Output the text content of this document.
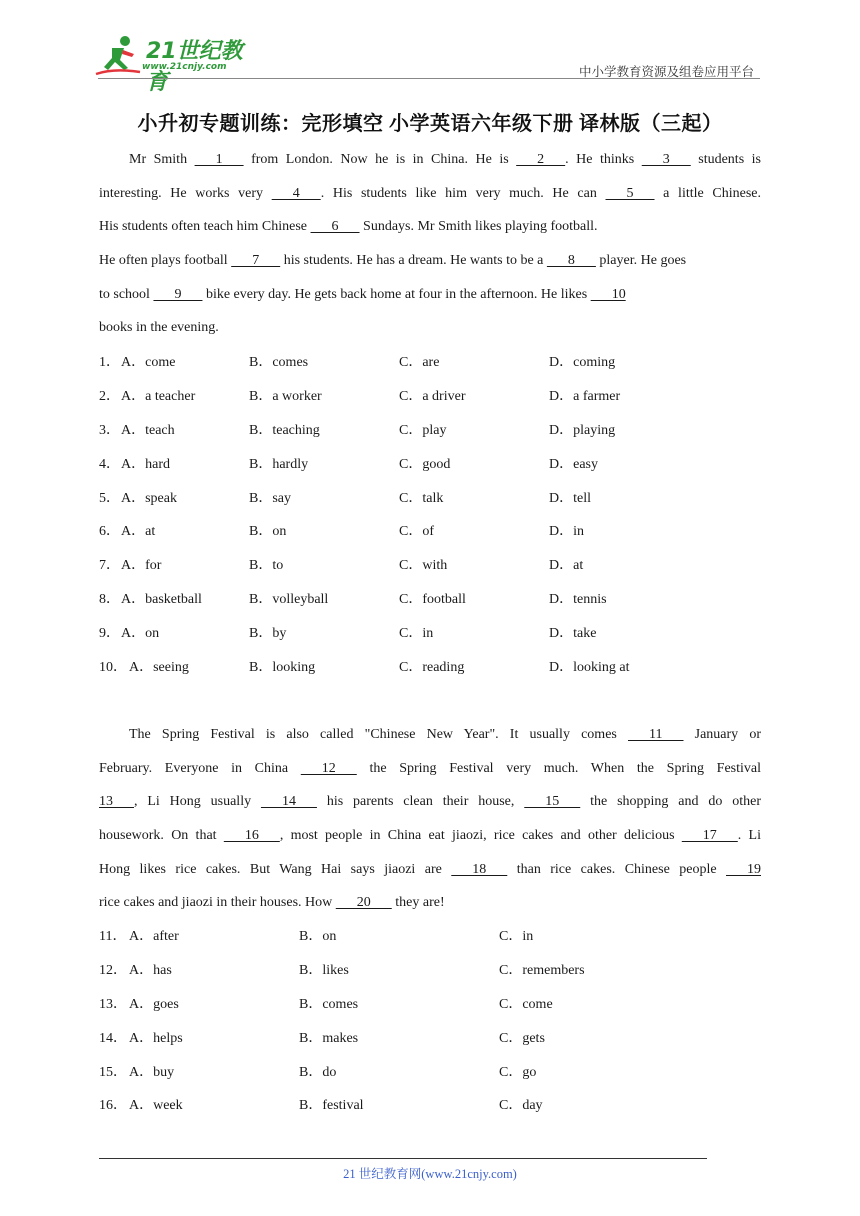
21世纪教育
www.21cnjy.com	中小学教育资源及组卷应用平台
小升初专题训练：完形填空 小学英语六年级下册 译林版（三起）
Mr Smith       1       from London. Now he is in China. He is       2      . He thinks       3       students is
interesting. He works very       4      . His students like him very much. He can       5       a little Chinese.
His students often teach him Chinese       6       Sundays. Mr Smith likes playing football.
He often plays football       7       his students. He has a dream. He wants to be a       8       player. He goes
to school       9       bike every day. He gets back home at four in the afternoon. He likes       10
books in the evening.
1． A．come	B．comes	C．are	D．coming
2． A．a teacher	B．a worker	C．a driver	D．a farmer
3． A．teach	B．teaching	C．play	D．playing
4． A．hard	B．hardly	C．good	D．easy
5． A．speak	B．say	C．talk	D．tell
6． A．at	B．on	C．of	D．in
7． A．for	B．to	C．with	D．at
8． A．basketball	B．volleyball	C．football	D．tennis
9． A．on	B．by	C．in	D．take
10． A．seeing	B．looking	C．reading	D．looking at
The Spring Festival is also called "Chinese New Year". It usually comes       11       January or
February. Everyone in China       12       the Spring Festival very much. When the Spring Festival
13      , Li Hong usually       14       his parents clean their house,       15       the shopping and do other
housework. On that       16      , most people in China eat jiaozi, rice cakes and other delicious       17      . Li
Hong likes rice cakes. But Wang Hai says jiaozi are       18       than rice cakes. Chinese people       19
rice cakes and jiaozi in their houses. How       20       they are!
11． A．after	B．on	C．in
12． A．has	B．likes	C．remembers
13． A．goes	B．comes	C．come
14． A．helps	B．makes	C．gets
15． A．buy	B．do	C．go
16． A．week	B．festival	C．day
21 世纪教育网(www.21cnjy.com)
